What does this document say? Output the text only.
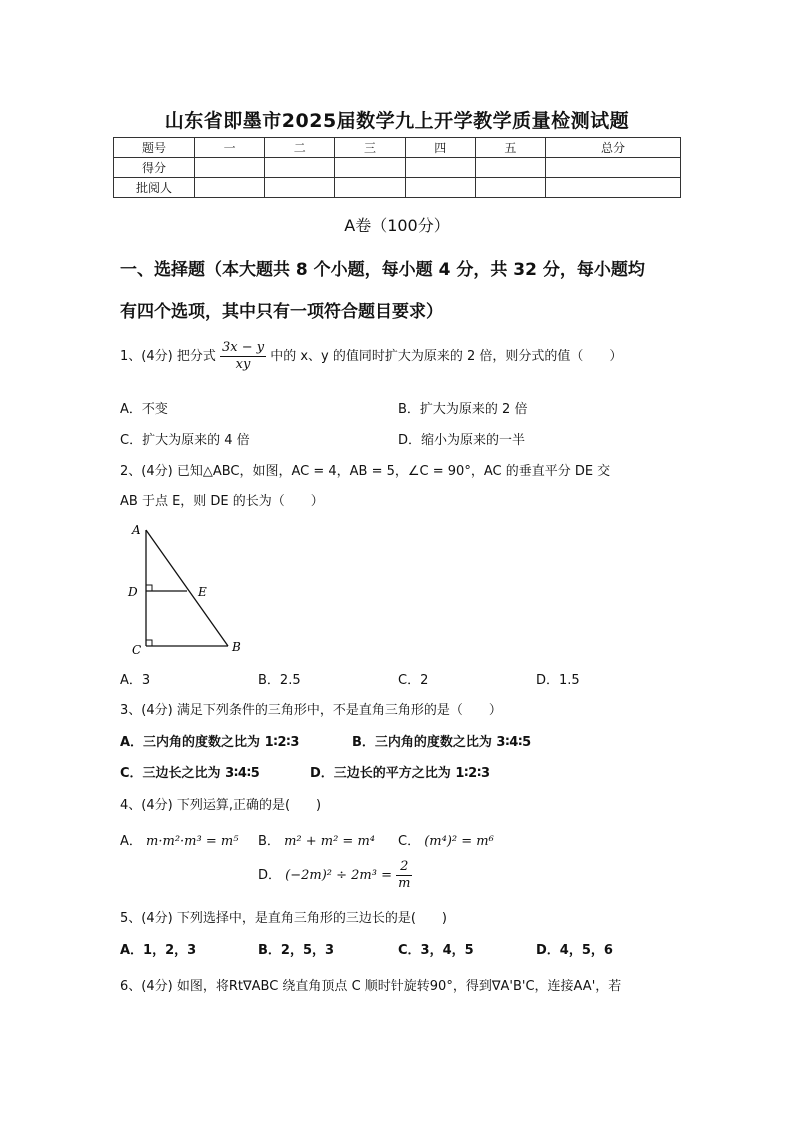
山东省即墨市2025届数学九上开学教学质量检测试题
题号	一	二	三	四	五	总分
得分						
批阅人						
A卷（100分）
一、选择题（本大题共 8 个小题，每小题 4 分，共 32 分，每小题均
有四个选项，其中只有一项符合题目要求）
1、(4分) 把分式 $\frac{3x - y}{xy}$ 中的 x、y 的值同时扩大为原来的 2 倍，则分式的值（　　）
A．不变	B．扩大为原来的 2 倍
C．扩大为原来的 4 倍	D．缩小为原来的一半
2、(4分) 已知△ABC，如图，AC = 4，AB = 5，∠C = 90°，AC 的垂直平分 DE 交
AB 于点 E，则 DE 的长为（　　）
A
D	E
C	B
A．3	B．2.5	C．2	D．1.5
3、(4分) 满足下列条件的三角形中，不是直角三角形的是（　　）
A．三内角的度数之比为 1∶2∶3	B．三内角的度数之比为 3∶4∶5
C．三边长之比为 3∶4∶5	D．三边长的平方之比为 1∶2∶3
4、(4分) 下列运算,正确的是(　　)
A． m·m²·m³ = m⁵ B． m² + m² = m⁴ C． (m⁴)² = m⁶
D． $(-2m)^2 \div 2m^3 = \frac{2}{m}$
5、(4分) 下列选择中，是直角三角形的三边长的是(　　)
A．1，2，3	B．2，5，3	C．3，4，5	D．4，5，6
6、(4分) 如图，将Rt∇ABC 绕直角顶点 C 顺时针旋转90°，得到∇A'B'C，连接AA'，若
